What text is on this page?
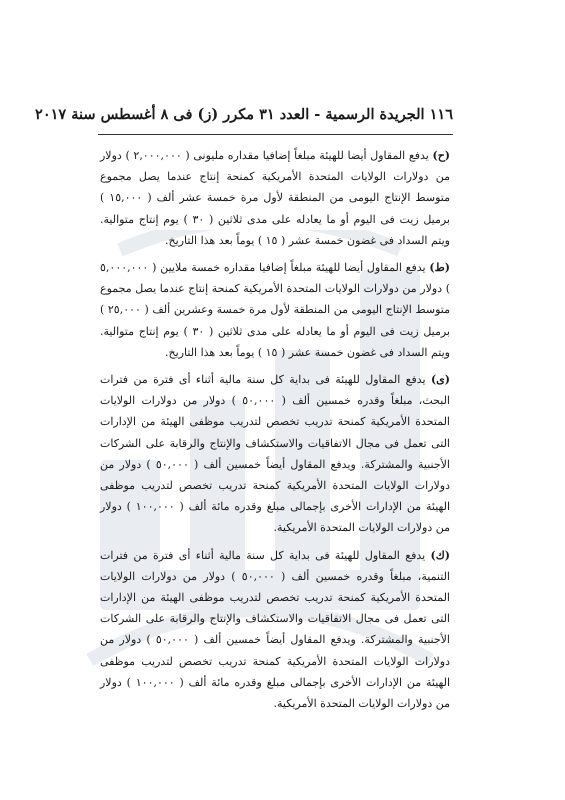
١١٦ الجريدة الرسمية - العدد ٣١ مكرر (ز) فى ٨ أغسطس سنة ٢٠١٧

(ح) يدفع المقاول أيضا للهيئة مبلغاً إضافيا مقداره مليونى ( ٢,٠٠٠,٠٠٠ ) دولار من دولارات الولايات المتحدة الأمريكية كمنحة إنتاج عندما يصل مجموع متوسط الإنتاج اليومى من المنطقة لأول مرة خمسة عشر ألف ( ١٥,٠٠٠ ) برميل زيت فى اليوم أو ما يعادله على مدى ثلاثين ( ٣٠ ) يوم إنتاج متوالية. ويتم السداد فى غضون خمسة عشر ( ١٥ ) يوماً بعد هذا التاريخ.

(ط) يدفع المقاول أيضا للهيئة مبلغاً إضافيا مقداره خمسة ملايين ( ٥,٠٠٠,٠٠٠ ) دولار من دولارات الولايات المتحدة الأمريكية كمنحة إنتاج عندما يصل مجموع متوسط الإنتاج اليومى من المنطقة لأول مرة خمسة وعشرين ألف ( ٢٥,٠٠٠ ) برميل زيت فى اليوم أو ما يعادله على مدى ثلاثين ( ٣٠ ) يوم إنتاج متوالية. ويتم السداد فى غضون خمسة عشر ( ١٥ ) يوماً بعد هذا التاريخ.

(ى) يدفع المقاول للهيئة فى بداية كل سنة مالية أثناء أى فترة من فترات البحث، مبلغاً وقدره خمسين ألف ( ٥٠,٠٠٠ ) دولار من دولارات الولايات المتحدة الأمريكية كمنحة تدريب تخصص لتدريب موظفى الهيئة من الإدارات التى تعمل فى مجال الاتفاقيات والاستكشاف والإنتاج والرقابة على الشركات الأجنبية والمشتركة. ويدفع المقاول أيضاً خمسين ألف ( ٥٠,٠٠٠ ) دولار من دولارات الولايات المتحدة الأمريكية كمنحة تدريب تخصص لتدريب موظفى الهيئة من الإدارات الأخرى بإجمالى مبلغ وقدره مائة ألف ( ١٠٠,٠٠٠ ) دولار من دولارات الولايات المتحدة الأمريكية.

(ك) يدفع المقاول للهيئة فى بداية كل سنة مالية أثناء أى فترة من فترات التنمية، مبلغاً وقدره خمسين ألف ( ٥٠,٠٠٠ ) دولار من دولارات الولايات المتحدة الأمريكية كمنحة تدريب تخصص لتدريب موظفى الهيئة من الإدارات التى تعمل فى مجال الاتفاقيات والاستكشاف والإنتاج والرقابة على الشركات الأجنبية والمشتركة. ويدفع المقاول أيضاً خمسين ألف ( ٥٠,٠٠٠ ) دولار من دولارات الولايات المتحدة الأمريكية كمنحة تدريب تخصص لتدريب موظفى الهيئة من الإدارات الأخرى بإجمالى مبلغ وقدره مائة ألف ( ١٠٠,٠٠٠ ) دولار من دولارات الولايات المتحدة الأمريكية.
